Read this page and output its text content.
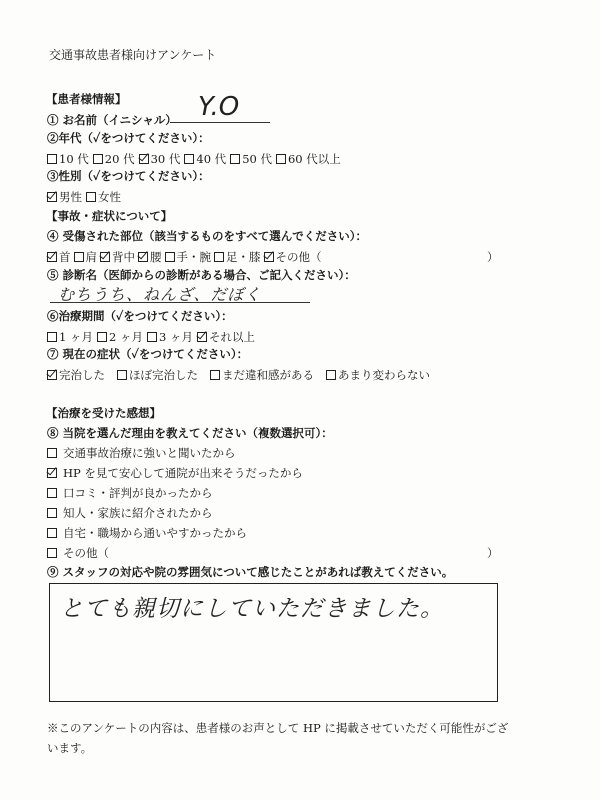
交通事故患者様向けアンケート
【患者様情報】
① お名前（イニシャル） Y.O
②年代（✓をつけてください）：
10 代 20 代 30 代 40 代 50 代 60 代以上
③性別（✓をつけてください）：
男性 女性
【事故・症状について】
④ 受傷された部位（該当するものをすべて選んでください）：
首 肩 背中 腰 手・腕 足・膝 その他（	）
⑤ 診断名（医師からの診断がある場合、ご記入ください）：
むちうち、ねんざ、だぼく
⑥治療期間（✓をつけてください）：
1 ヶ月 2 ヶ月 3 ヶ月 それ以上
⑦ 現在の症状（✓をつけてください）：
完治した ほぼ完治した まだ違和感がある あまり変わらない
【治療を受けた感想】
⑧ 当院を選んだ理由を教えてください（複数選択可）：
交通事故治療に強いと聞いたから
HP を見て安心して通院が出来そうだったから
口コミ・評判が良かったから
知人・家族に紹介されたから
自宅・職場から通いやすかったから
その他（	）
⑨ スタッフの対応や院の雰囲気について感じたことがあれば教えてください。
とても親切にしていただきました。
※このアンケートの内容は、患者様のお声として HP に掲載させていただく可能性がござ
います。
